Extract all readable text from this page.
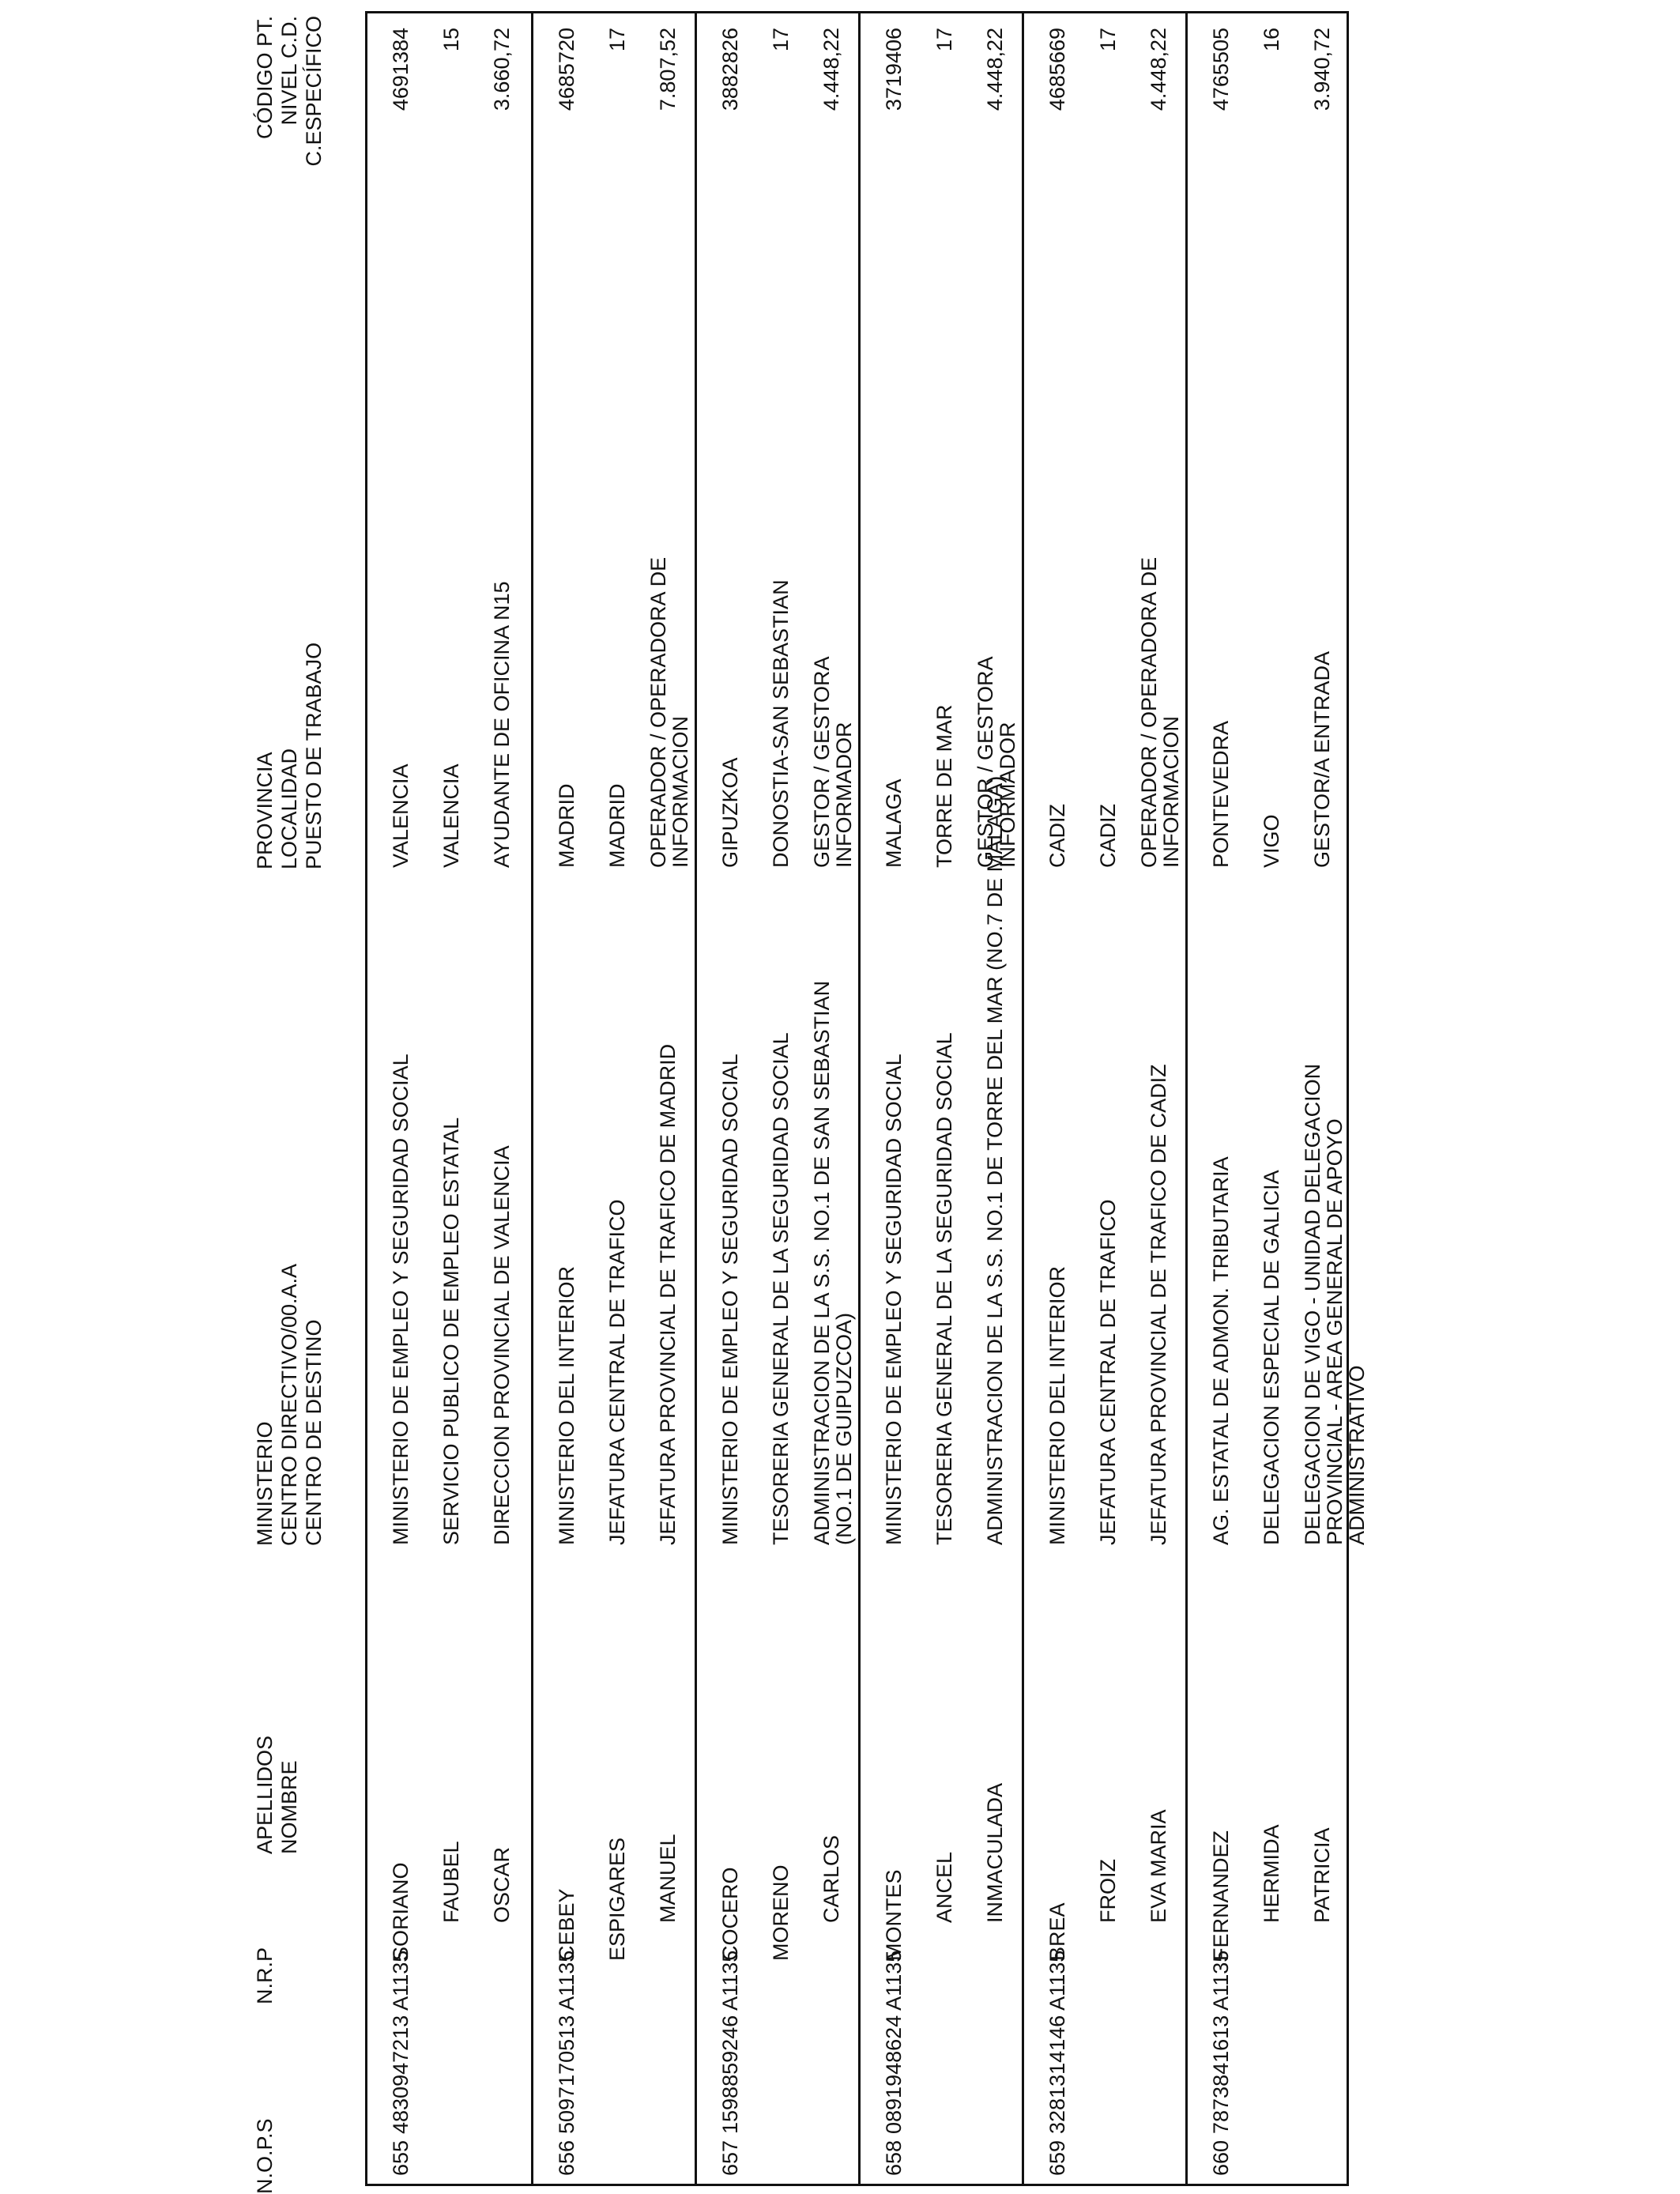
N.O.P.S
N.R.P
APELLIDOS NOMBRE
MINISTERIO CENTRO DIRECTIVO/00.A.A CENTRO DE DESTINO
PROVINCIA LOCALIDAD PUESTO DE TRABAJO
CÓDIGO PT. NIVEL C.D. C.ESPECÍFICO
655
4830947213 A1135
SORIANO FAUBEL OSCAR
MINISTERIO DE EMPLEO Y SEGURIDAD SOCIAL SERVICIO PUBLICO DE EMPLEO ESTATAL DIRECCION PROVINCIAL DE VALENCIA
VALENCIA VALENCIA AYUDANTE DE OFICINA N15
4691384 15 3.660,72
656
5097170513 A1135
CEBEY ESPIGARES MANUEL
MINISTERIO DEL INTERIOR JEFATURA CENTRAL DE TRAFICO JEFATURA PROVINCIAL DE TRAFICO DE MADRID
MADRID MADRID OPERADOR / OPERADORA DE INFORMACION
4685720 17 7.807,52
657
1598859246 A1135
COCERO MORENO CARLOS
MINISTERIO DE EMPLEO Y SEGURIDAD SOCIAL TESORERIA GENERAL DE LA SEGURIDAD SOCIAL ADMINISTRACION DE LA S.S. NO.1 DE SAN SEBASTIAN (NO.1 DE GUIPUZCOA)
GIPUZKOA DONOSTIA-SAN SEBASTIAN GESTOR / GESTORA INFORMADOR
3882826 17 4.448,22
658
0891948624 A1135
MONTES ANCEL INMACULADA
MINISTERIO DE EMPLEO Y SEGURIDAD SOCIAL TESORERIA GENERAL DE LA SEGURIDAD SOCIAL ADMINISTRACION DE LA S.S. NO.1 DE TORRE DEL MAR (NO.7 DE MALAGA)
MALAGA TORRE DE MAR GESTOR / GESTORA INFORMADOR
3719406 17 4.448,22
659
3281314146 A1135
BREA
FROIZ EVA MARIA
MINISTERIO DEL INTERIOR JEFATURA CENTRAL DE TRAFICO JEFATURA PROVINCIAL DE TRAFICO DE CADIZ
CADIZ CADIZ OPERADOR / OPERADORA DE INFORMACION
4685669 17 4.448,22
660
7873841613 A1135
FERNANDEZ HERMIDA PATRICIA
AG. ESTATAL DE ADMON. TRIBUTARIA DELEGACION ESPECIAL DE GALICIA DELEGACION DE VIGO - UNIDAD DELEGACION PROVINCIAL - AREA GENERAL DE APOYO ADMINISTRATIVO
PONTEVEDRA VIGO GESTOR/A ENTRADA
4765505 16 3.940,72
